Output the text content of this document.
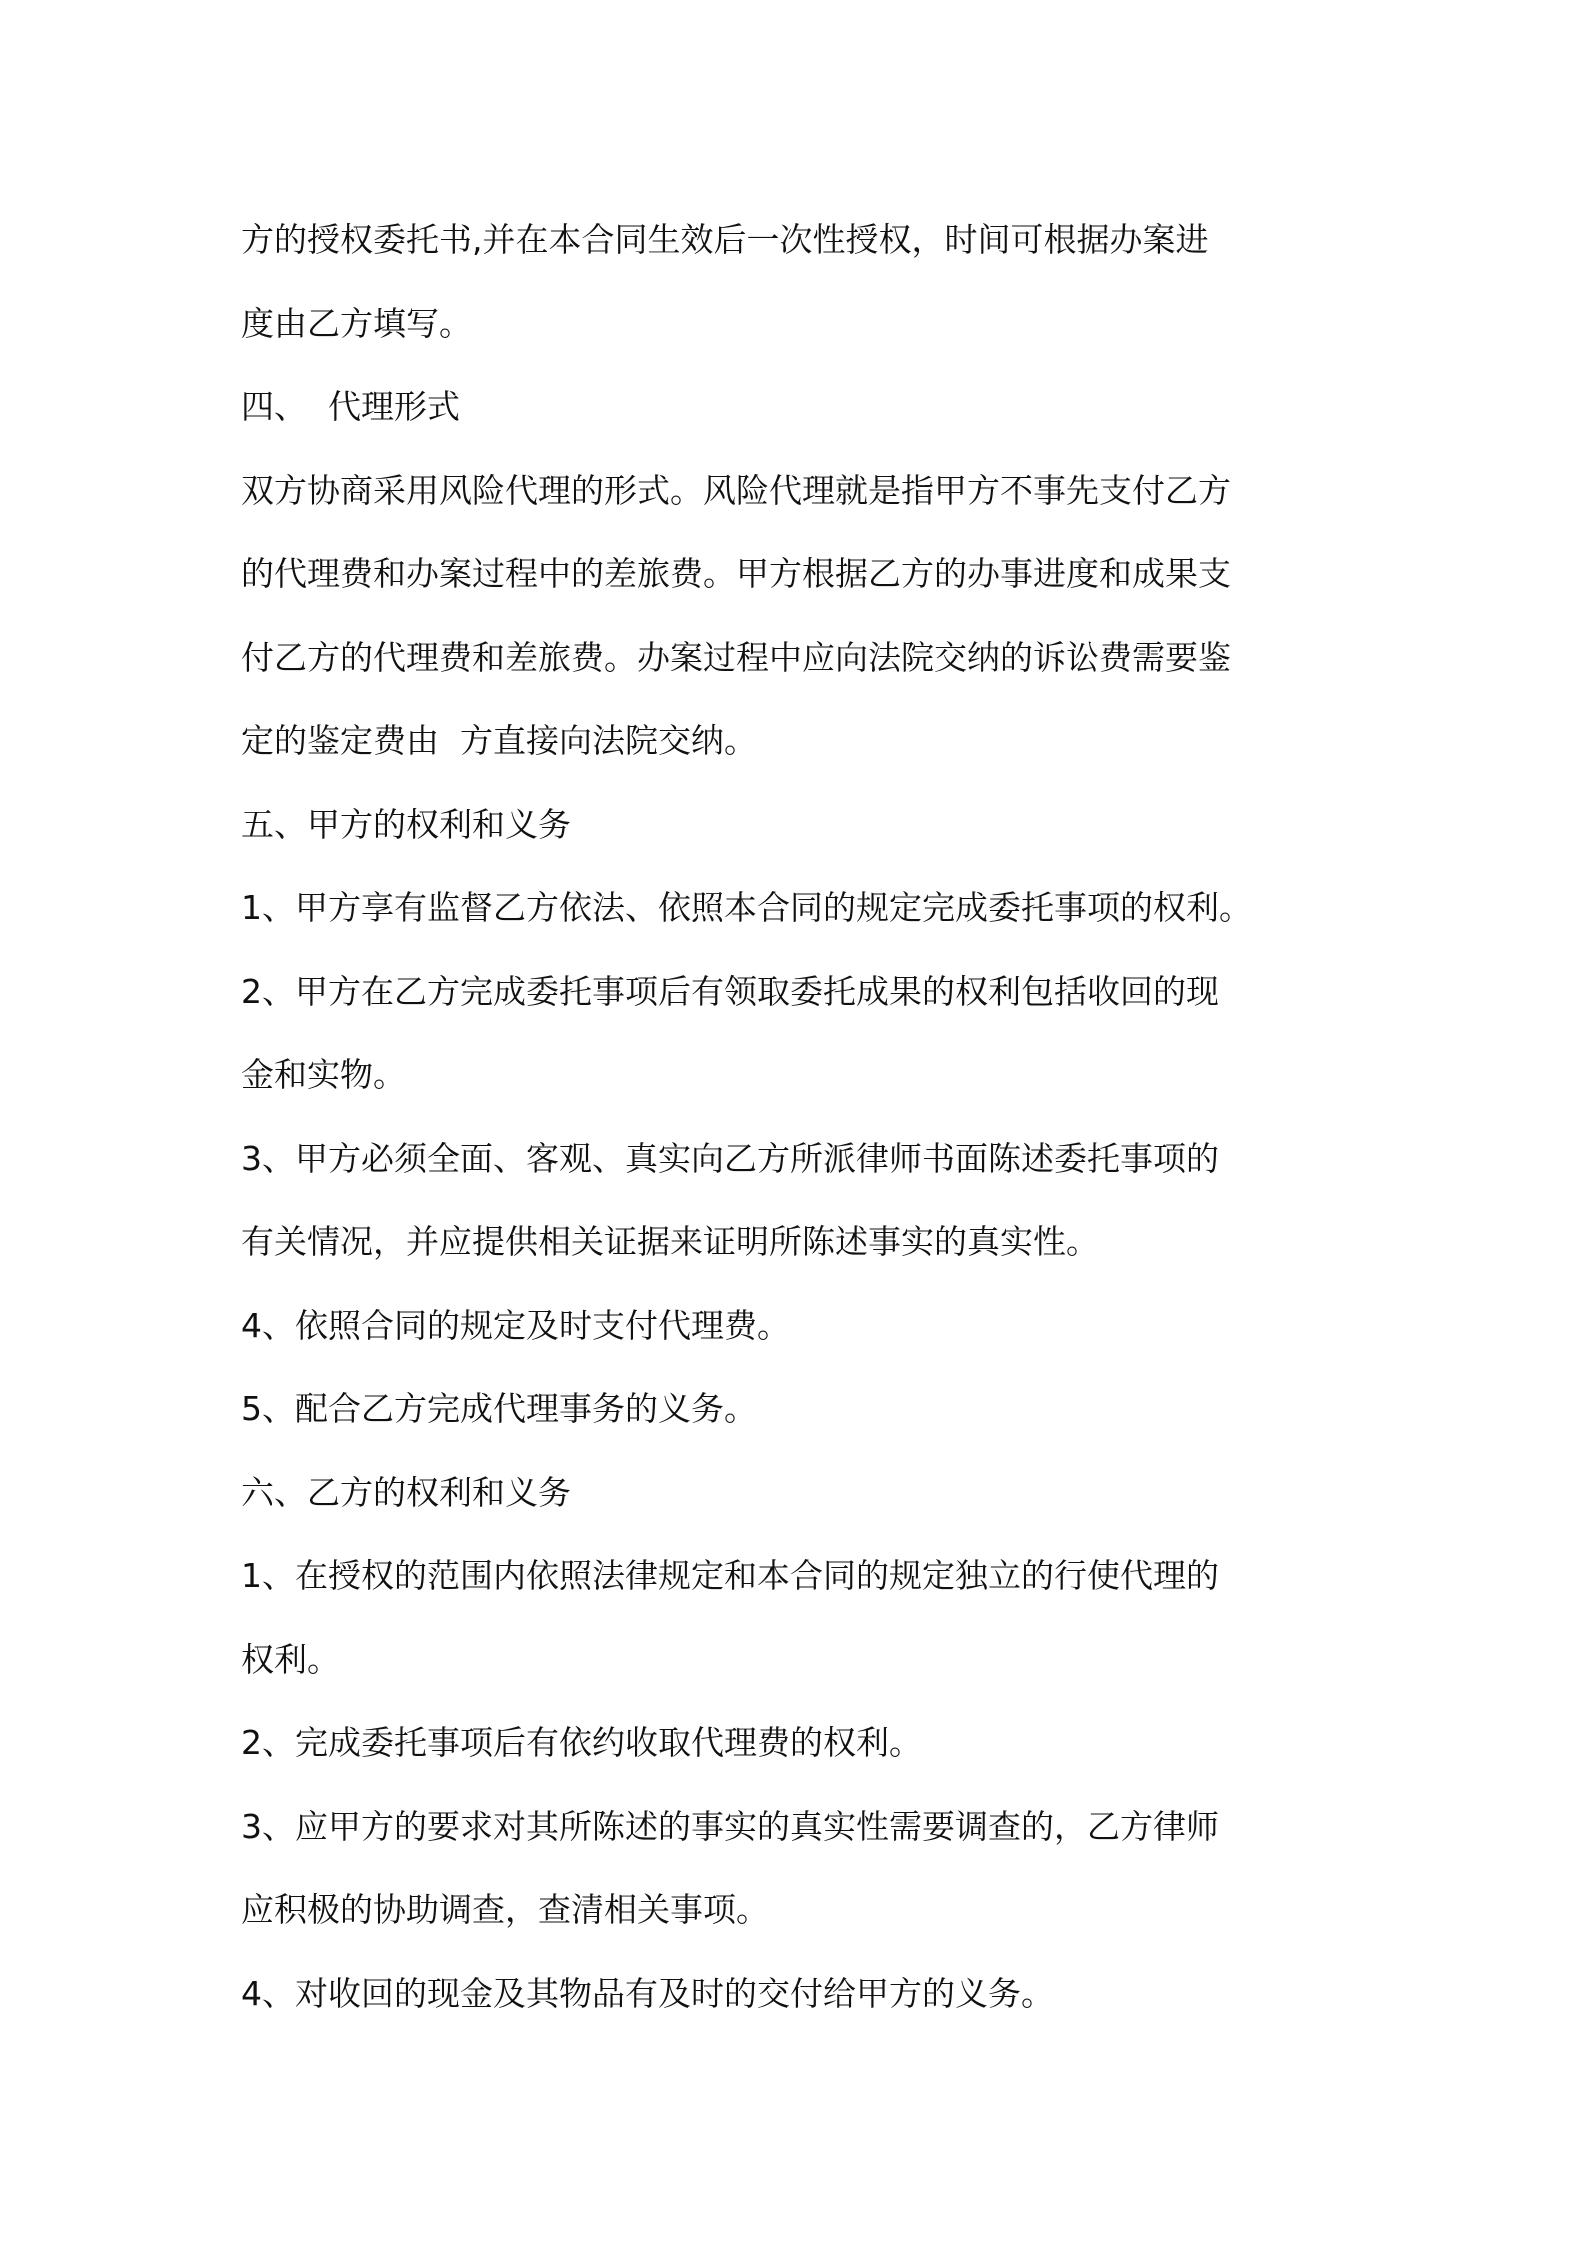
方的授权委托书,并在本合同生效后一次性授权，时间可根据办案进
度由乙方填写。
四、  代理形式
双方协商采用风险代理的形式。风险代理就是指甲方不事先支付乙方
的代理费和办案过程中的差旅费。甲方根据乙方的办事进度和成果支
付乙方的代理费和差旅费。办案过程中应向法院交纳的诉讼费需要鉴
定的鉴定费由  方直接向法院交纳。
五、甲方的权利和义务
1、甲方享有监督乙方依法、依照本合同的规定完成委托事项的权利。
2、甲方在乙方完成委托事项后有领取委托成果的权利包括收回的现
金和实物。
3、甲方必须全面、客观、真实向乙方所派律师书面陈述委托事项的
有关情况，并应提供相关证据来证明所陈述事实的真实性。
4、依照合同的规定及时支付代理费。
5、配合乙方完成代理事务的义务。
六、乙方的权利和义务
1、在授权的范围内依照法律规定和本合同的规定独立的行使代理的
权利。
2、完成委托事项后有依约收取代理费的权利。
3、应甲方的要求对其所陈述的事实的真实性需要调查的，乙方律师
应积极的协助调查，查清相关事项。
4、对收回的现金及其物品有及时的交付给甲方的义务。
